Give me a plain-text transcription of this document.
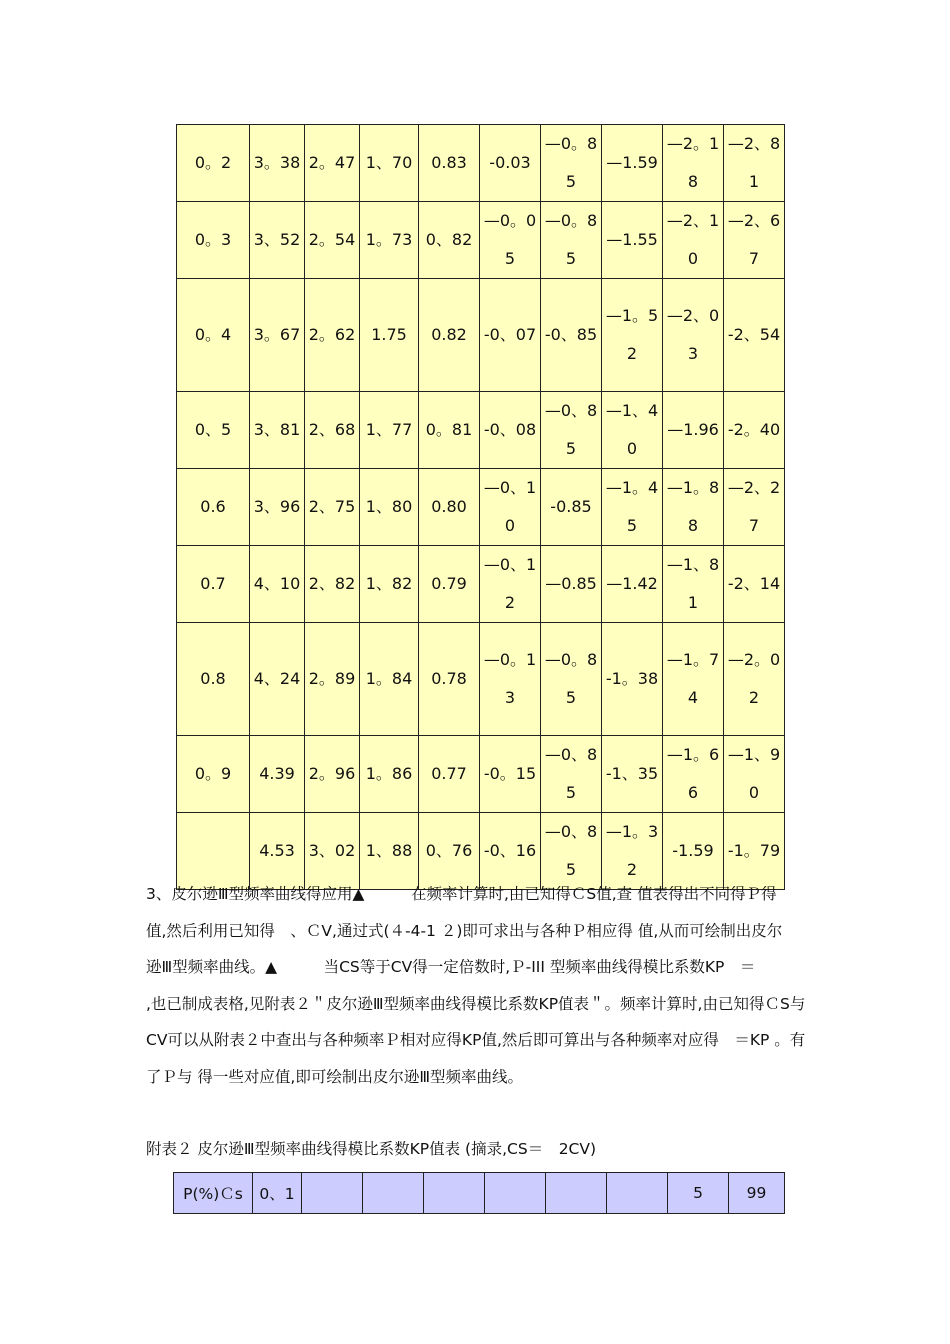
0。2	3。38	2。47	1、70	0.83	-0.03	—0。85	—1.59	—2。18	—2、81
0。3	3、52	2。54	1。73	0、82	—0。05	—0。85	—1.55	—2、10	—2、67
0。4	3。67	2。62	1.75	0.82	-0、07	-0、85	—1。52	—2、03	-2、54
0、5	3、81	2、68	1、77	0。81	-0、08	—0、85	—1、40	—1.96	-2。40
0.6	3、96	2、75	1、80	0.80	—0、10	-0.85	—1。45	—1。88	—2、27
0.7	4、10	2、82	1、82	0.79	—0、12	—0.85	—1.42	—1、81	-2、14
0.8	4、24	2。89	1。84	0.78	—0。13	—0。85	-1。38	—1。74	—2。02
0。9	4.39	2。96	1。86	0.77	-0。15	—0、85	-1、35	—1。66	—1、90
	4.53	3、02	1、88	0、76	-0、16	—0、85	—1。32	-1.59	-1。79

3、皮尔逊Ⅲ型频率曲线得应用▲　　　在频率计算时,由已知得ＣS值,查 值表得出不同得Ｐ得

值,然后利用已知得　、ＣV,通过式(４-4-1 ２)即可求出与各种Ｐ相应得 值,从而可绘制出皮尔

逊Ⅲ型频率曲线。▲　　　当CS等于CV得一定倍数时,Ｐ-III 型频率曲线得模比系数KP　＝

,也已制成表格,见附表２＂皮尔逊Ⅲ型频率曲线得模比系数KP值表＂。频率计算时,由已知得ＣS与CV可以从附表２中查出与各种频率Ｐ相对应得KP值,然后即可算出与各种频率对应得　＝KP 。有了Ｐ与 得一些对应值,即可绘制出皮尔逊Ⅲ型频率曲线。

附表２ 皮尔逊Ⅲ型频率曲线得模比系数KP值表 (摘录,CS＝　2CV)
P(%)Ｃs	0、1							5	99
